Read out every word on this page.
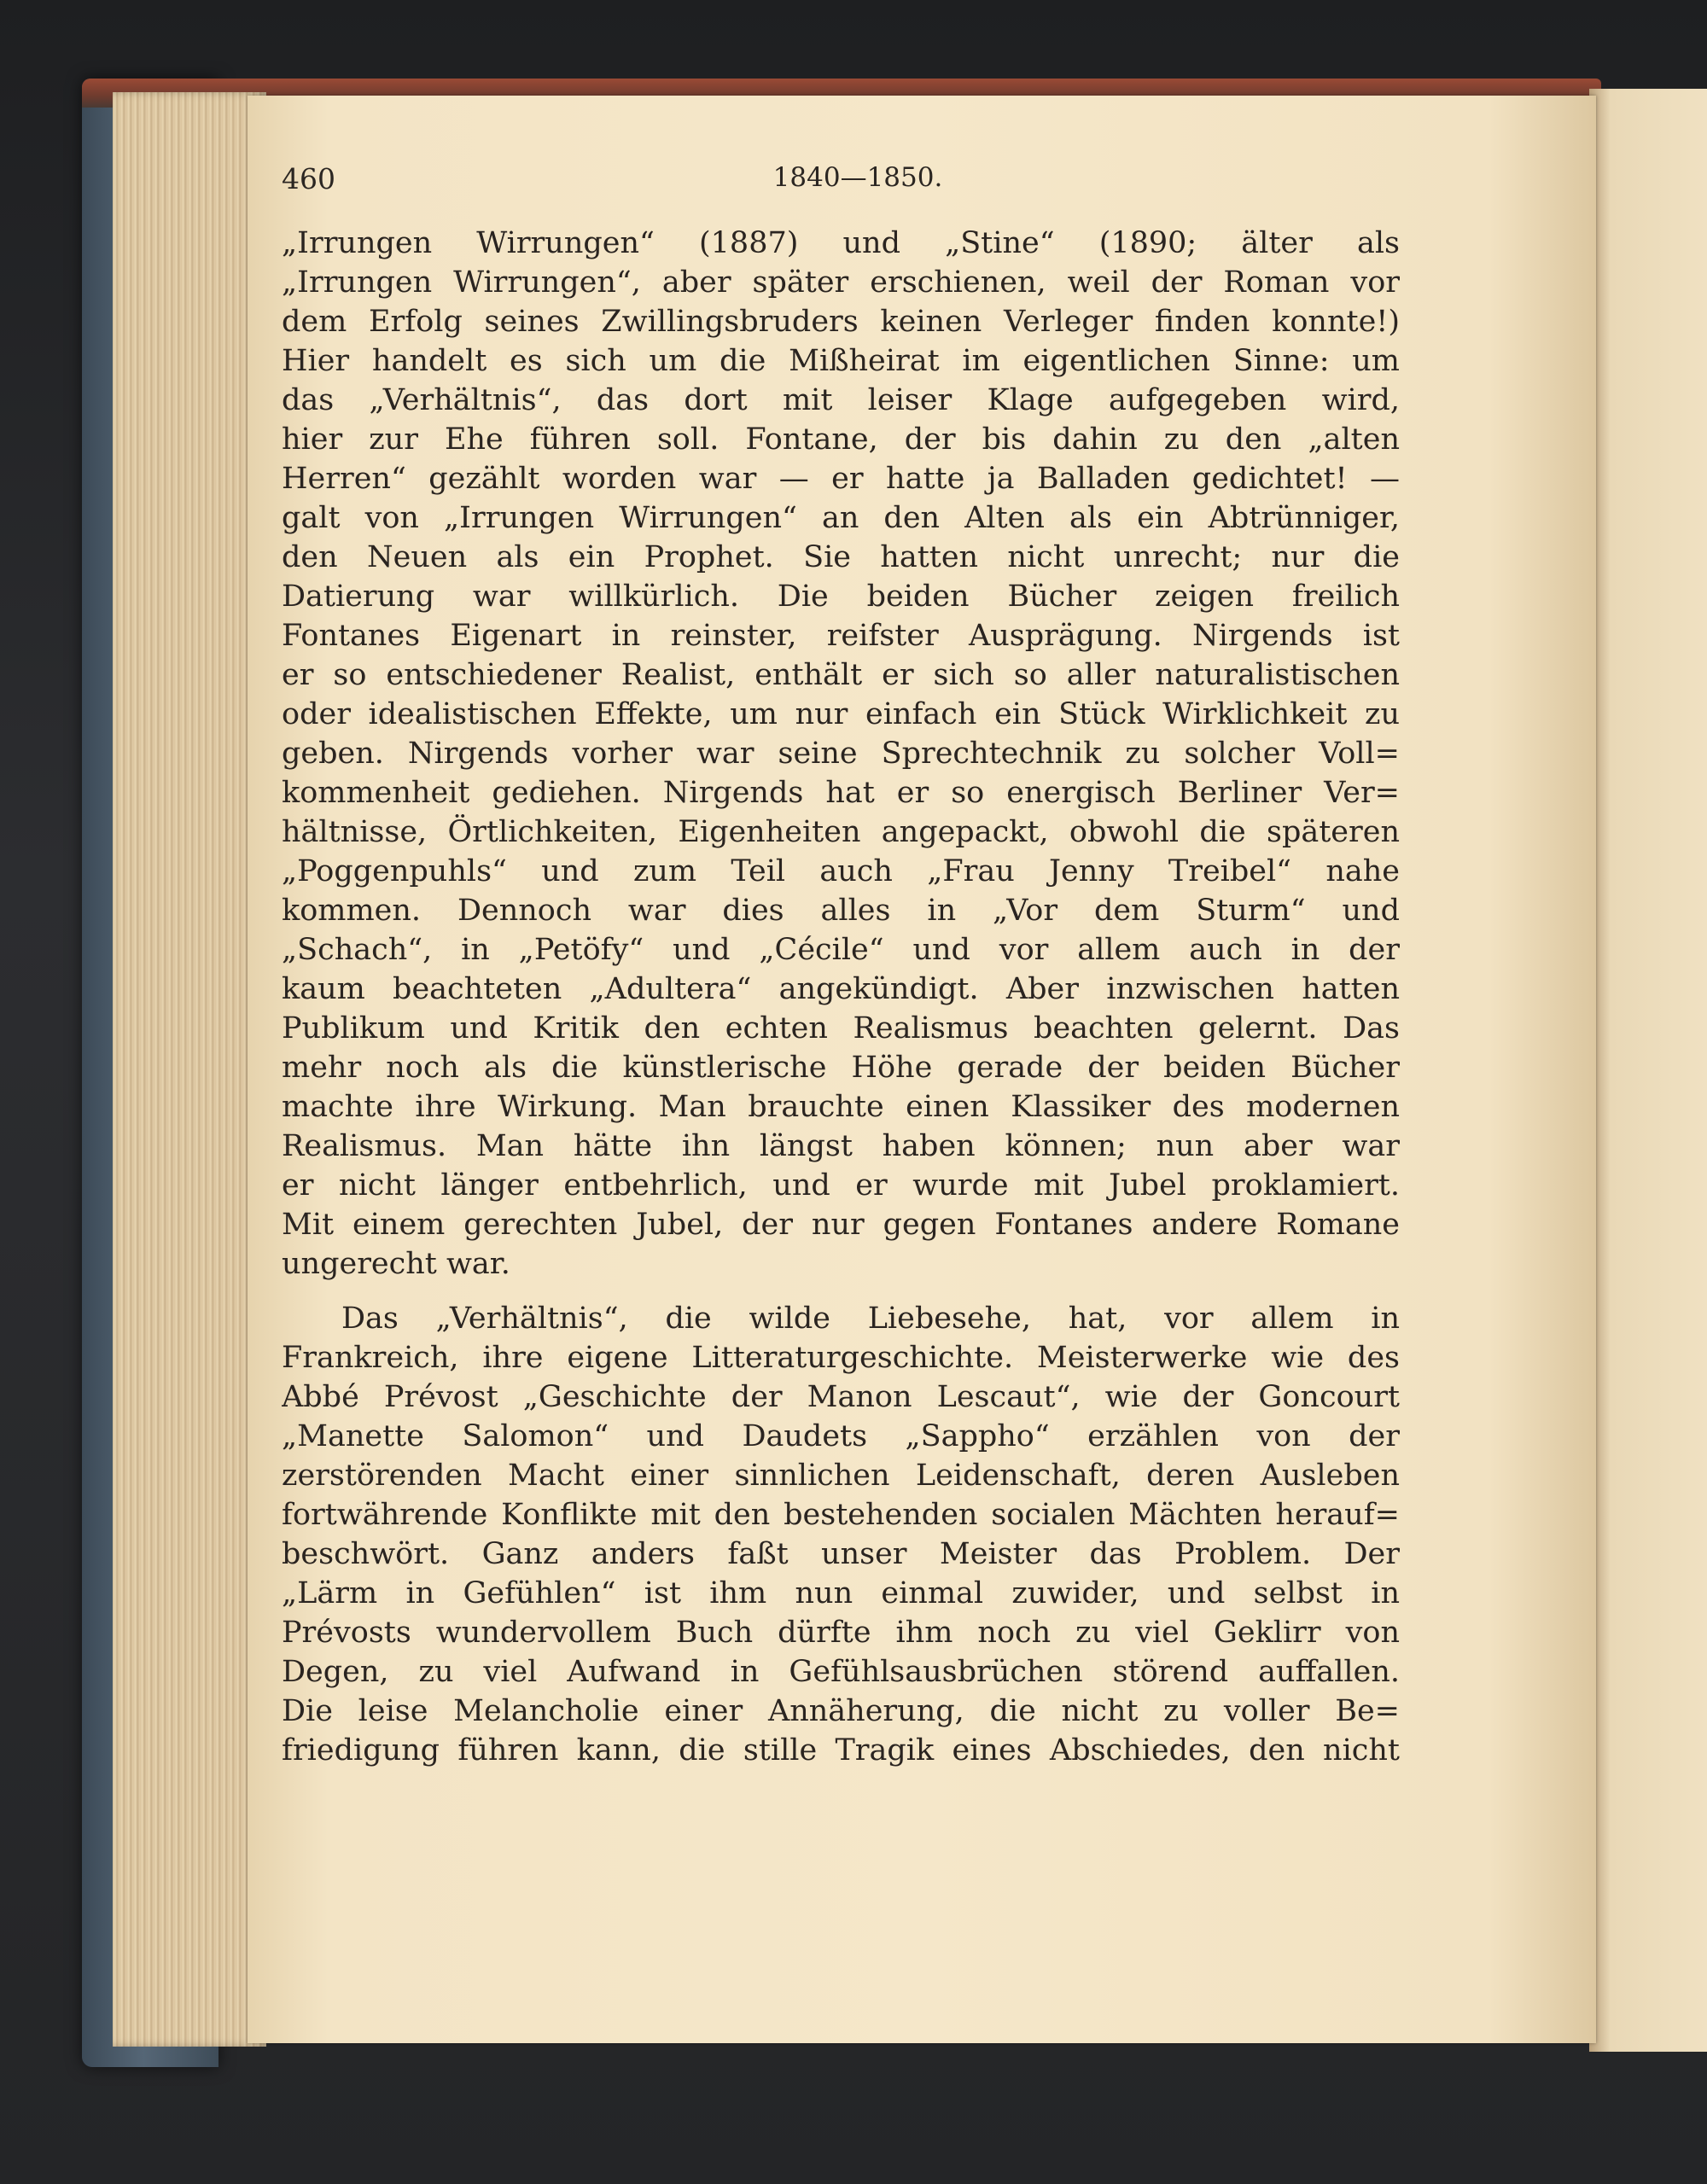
460	1840—1850.
„Irrungen Wirrungen“ (1887) und „Stine“ (1890; älter als
„Irrungen Wirrungen“, aber später erschienen, weil der Roman vor
dem Erfolg seines Zwillingsbruders keinen Verleger finden konnte!)
Hier handelt es sich um die Mißheirat im eigentlichen Sinne: um
das „Verhältnis“, das dort mit leiser Klage aufgegeben wird,
hier zur Ehe führen soll. Fontane, der bis dahin zu den „alten
Herren“ gezählt worden war — er hatte ja Balladen gedichtet! —
galt von „Irrungen Wirrungen“ an den Alten als ein Abtrünniger,
den Neuen als ein Prophet. Sie hatten nicht unrecht; nur die
Datierung war willkürlich. Die beiden Bücher zeigen freilich
Fontanes Eigenart in reinster, reifster Ausprägung. Nirgends ist
er so entschiedener Realist, enthält er sich so aller naturalistischen
oder idealistischen Effekte, um nur einfach ein Stück Wirklichkeit zu
geben. Nirgends vorher war seine Sprechtechnik zu solcher Voll=
kommenheit gediehen. Nirgends hat er so energisch Berliner Ver=
hältnisse, Örtlichkeiten, Eigenheiten angepackt, obwohl die späteren
„Poggenpuhls“ und zum Teil auch „Frau Jenny Treibel“ nahe
kommen. Dennoch war dies alles in „Vor dem Sturm“ und
„Schach“, in „Petöfy“ und „Cécile“ und vor allem auch in der
kaum beachteten „Adultera“ angekündigt. Aber inzwischen hatten
Publikum und Kritik den echten Realismus beachten gelernt. Das
mehr noch als die künstlerische Höhe gerade der beiden Bücher
machte ihre Wirkung. Man brauchte einen Klassiker des modernen
Realismus. Man hätte ihn längst haben können; nun aber war
er nicht länger entbehrlich, und er wurde mit Jubel proklamiert.
Mit einem gerechten Jubel, der nur gegen Fontanes andere Romane
ungerecht war.
Das „Verhältnis“, die wilde Liebesehe, hat, vor allem in
Frankreich, ihre eigene Litteraturgeschichte. Meisterwerke wie des
Abbé Prévost „Geschichte der Manon Lescaut“, wie der Goncourt
„Manette Salomon“ und Daudets „Sappho“ erzählen von der
zerstörenden Macht einer sinnlichen Leidenschaft, deren Ausleben
fortwährende Konflikte mit den bestehenden socialen Mächten herauf=
beschwört. Ganz anders faßt unser Meister das Problem. Der
„Lärm in Gefühlen“ ist ihm nun einmal zuwider, und selbst in
Prévosts wundervollem Buch dürfte ihm noch zu viel Geklirr von
Degen, zu viel Aufwand in Gefühlsausbrüchen störend auffallen.
Die leise Melancholie einer Annäherung, die nicht zu voller Be=
friedigung führen kann, die stille Tragik eines Abschiedes, den nicht
